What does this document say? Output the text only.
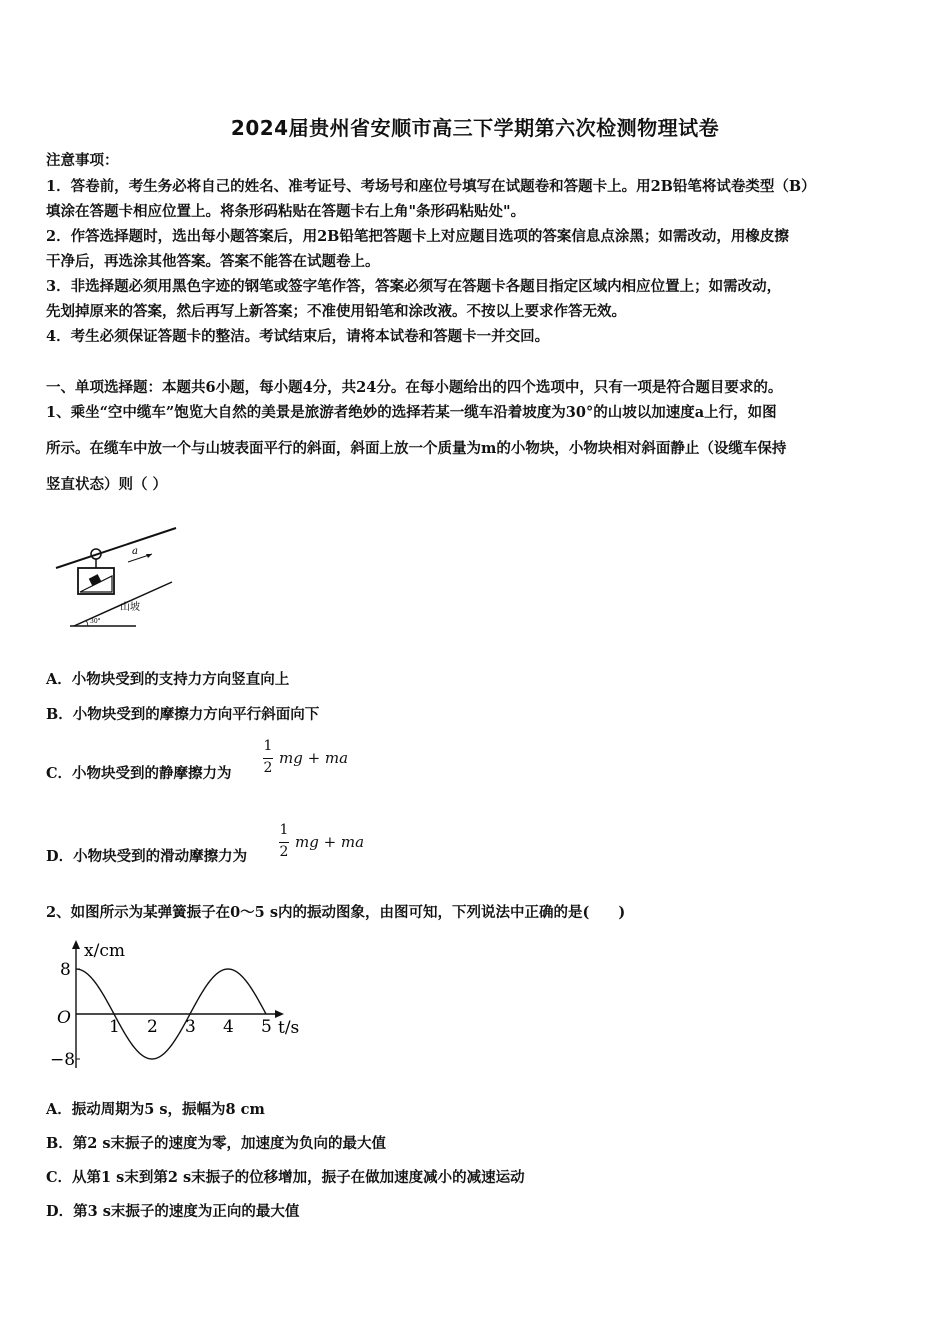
2024届贵州省安顺市高三下学期第六次检测物理试卷
注意事项：
1．答卷前，考生务必将自己的姓名、准考证号、考场号和座位号填写在试题卷和答题卡上。用2B铅笔将试卷类型（B）
填涂在答题卡相应位置上。将条形码粘贴在答题卡右上角"条形码粘贴处"。
2．作答选择题时，选出每小题答案后，用2B铅笔把答题卡上对应题目选项的答案信息点涂黑；如需改动，用橡皮擦
干净后，再选涂其他答案。答案不能答在试题卷上。
3．非选择题必须用黑色字迹的钢笔或签字笔作答，答案必须写在答题卡各题目指定区域内相应位置上；如需改动，
先划掉原来的答案，然后再写上新答案；不准使用铅笔和涂改液。不按以上要求作答无效。
4．考生必须保证答题卡的整洁。考试结束后，请将本试卷和答题卡一并交回。
一、单项选择题：本题共6小题，每小题4分，共24分。在每小题给出的四个选项中，只有一项是符合题目要求的。
1、乘坐“空中缆车”饱览大自然的美景是旅游者绝妙的选择若某一缆车沿着坡度为30°的山坡以加速度a上行，如图
所示。在缆车中放一个与山坡表面平行的斜面，斜面上放一个质量为m的小物块，小物块相对斜面静止（设缆车保持
竖直状态）则（ ）
a
30°
山坡
A．小物块受到的支持力方向竖直向上
B．小物块受到的摩擦力方向平行斜面向下
C．小物块受到的静摩擦力为
1
2
mg + ma
D．小物块受到的滑动摩擦力为
1
2
mg + ma
2、如图所示为某弹簧振子在0～5 s内的振动图象，由图可知，下列说法中正确的是(　　)
x/cm
t/s
O 1 2 3 4 5
8
−8
A．振动周期为5 s，振幅为8 cm
B．第2 s末振子的速度为零，加速度为负向的最大值
C．从第1 s末到第2 s末振子的位移增加，振子在做加速度减小的减速运动
D．第3 s末振子的速度为正向的最大值
